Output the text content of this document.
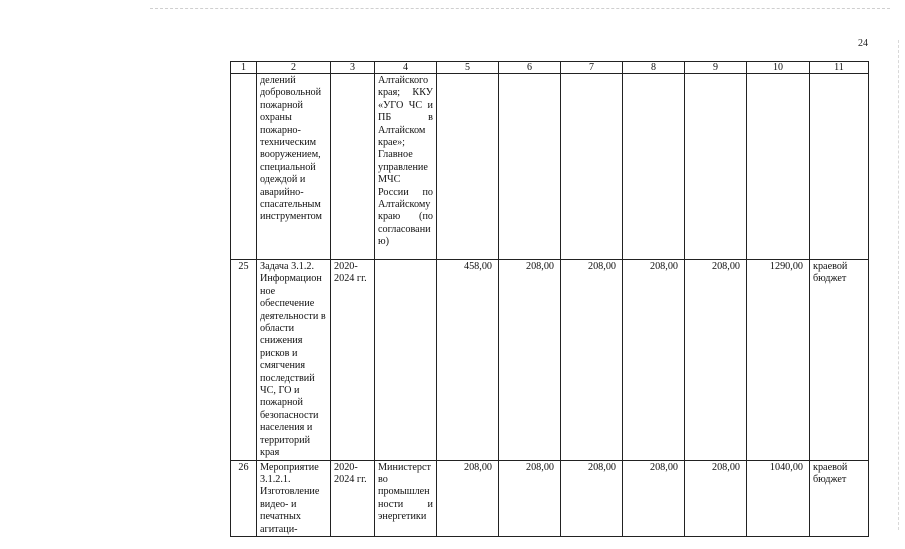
24
1	2	3	4	5	6	7	8	9	10	11
	делений добровольной пожарной охраны пожарно-техническим вооружением, специальной одеждой и аварийно-спасательным инструментом		Алтайского края; ККУ «УГО ЧС и ПБ в Алтайском крае»; Главное управление МЧС России по Алтайскому краю (по согласованию)							
25	Задача 3.1.2. Информационное обеспечение деятельности в области снижения рисков и смягчения последствий ЧС, ГО и пожарной безопасности населения и территорий края	2020-2024 гг.		458,00	208,00	208,00	208,00	208,00	1290,00	краевой бюджет
26	Мероприятие 3.1.2.1. Изготовление видео- и печатных агитаци-	2020-2024 гг.	Министерство промышленности и энергетики	208,00	208,00	208,00	208,00	208,00	1040,00	краевой бюджет
